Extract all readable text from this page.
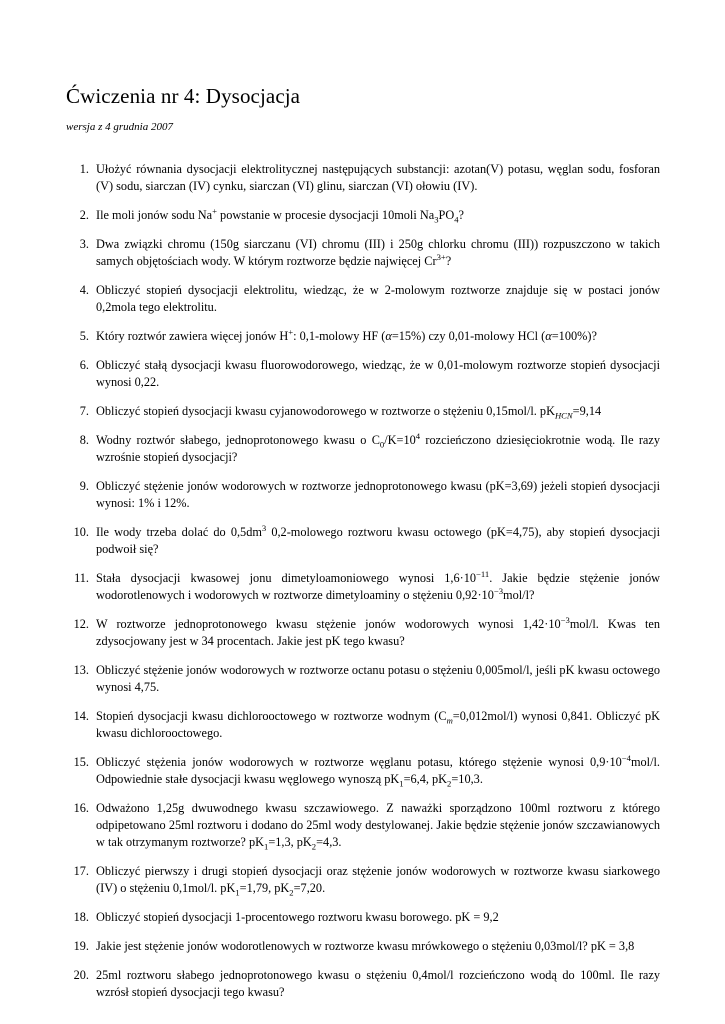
Ćwiczenia nr 4: Dysocjacja

wersja z 4 grudnia 2007

1. Ułożyć równania dysocjacji elektrolitycznej następujących substancji: azotan(V) potasu, węglan sodu, fosforan (V) sodu, siarczan (IV) cynku, siarczan (VI) glinu, siarczan (VI) ołowiu (IV).
2. Ile moli jonów sodu Na+ powstanie w procesie dysocjacji 10moli $Na_3PO_4$?
3. Dwa związki chromu (150g siarczanu (VI) chromu (III) i 250g chlorku chromu (III)) rozpuszczono w takich samych objętościach wody. W którym roztworze będzie najwięcej $Cr^{3+}$?
4. Obliczyć stopień dysocjacji elektrolitu, wiedząc, że w 2-molowym roztworze znajduje się w postaci jonów 0,2mola tego elektrolitu.
5. Który roztwór zawiera więcej jonów H+: 0,1-molowy HF (α=15%) czy 0,01-molowy HCl (α=100%)?
6. Obliczyć stałą dysocjacji kwasu fluorowodorowego, wiedząc, że w 0,01-molowym roztworze stopień dysocjacji wynosi 0,22.
7. Obliczyć stopień dysocjacji kwasu cyjanowodorowego w roztworze o stężeniu 0,15mol/l. $pK_{HCN}=9,14$
8. Wodny roztwór słabego, jednoprotonowego kwasu o $C_0/K=10^4$ rozcieńczono dziesięciokrotnie wodą. Ile razy wzrośnie stopień dysocjacji?
9. Obliczyć stężenie jonów wodorowych w roztworze jednoprotonowego kwasu (pK=3,69) jeżeli stopień dysocjacji wynosi: 1% i 12%.
10. Ile wody trzeba dolać do $0,5dm^3$ 0,2-molowego roztworu kwasu octowego (pK=4,75), aby stopień dysocjacji podwoił się?
11. Stała dysocjacji kwasowej jonu dimetyloamoniowego wynosi $1,6\cdot 10^{-11}$. Jakie będzie stężenie jonów wodorotlenowych i wodorowych w roztworze dimetyloaminy o stężeniu $0,92\cdot 10^{-3}mol/l$?
12. W roztworze jednoprotonowego kwasu stężenie jonów wodorowych wynosi $1,42\cdot 10^{-3}mol/l$. Kwas ten zdysocjowany jest w 34 procentach. Jakie jest pK tego kwasu?
13. Obliczyć stężenie jonów wodorowych w roztworze octanu potasu o stężeniu 0,005mol/l, jeśli pK kwasu octowego wynosi 4,75.
14. Stopień dysocjacji kwasu dichlorooctowego w roztworze wodnym $(C_m=0,012mol/l)$ wynosi 0,841. Obliczyć pK kwasu dichlorooctowego.
15. Obliczyć stężenia jonów wodorowych w roztworze węglanu potasu, którego stężenie wynosi $0,9\cdot 10^{-4}mol/l$. Odpowiednie stałe dysocjacji kwasu węglowego wynoszą $pK_1=6,4$, $pK_2=10,3$.
16. Odważono 1,25g dwuwodnego kwasu szczawiowego. Z naważki sporządzono 100ml roztworu z którego odpipetowano 25ml roztworu i dodano do 25ml wody destylowanej. Jakie będzie stężenie jonów szczawianowych w tak otrzymanym roztworze? $pK_1=1,3$, $pK_2=4,3$.
17. Obliczyć pierwszy i drugi stopień dysocjacji oraz stężenie jonów wodorowych w roztworze kwasu siarkowego (IV) o stężeniu 0,1mol/l. $pK_1=1,79$, $pK_2=7,20$.
18. Obliczyć stopień dysocjacji 1-procentowego roztworu kwasu borowego. pK = 9,2
19. Jakie jest stężenie jonów wodorotlenowych w roztworze kwasu mrówkowego o stężeniu 0,03mol/l? pK = 3,8
20. 25ml roztworu słabego jednoprotonowego kwasu o stężeniu 0,4mol/l rozcieńczono wodą do 100ml. Ile razy wzrósł stopień dysocjacji tego kwasu?
